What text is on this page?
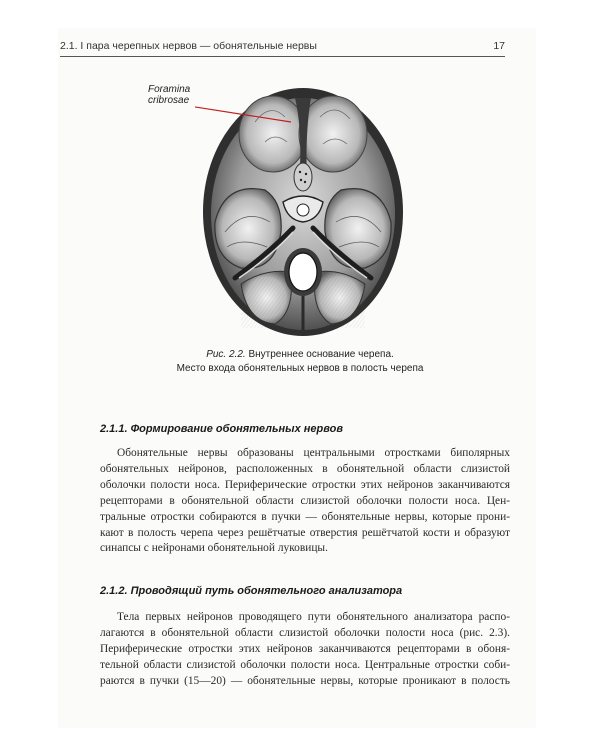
2.1. I пара черепных нервов — обонятельные нервы	17
Foramina
cribrosae
Рис. 2.2. Внутреннее основание черепа.
Место входа обонятельных нервов в полость черепа
2.1.1. Формирование обонятельных нервов
Обонятельные нервы образованы центральными отростками биполярных
обонятельных нейронов, расположенных в обонятельной области слизистой
оболочки полости носа. Периферические отростки этих нейронов заканчиваются
рецепторами в обонятельной области слизистой оболочки полости носа. Цен-
тральные отростки собираются в пучки — обонятельные нервы, которые прони-
кают в полость черепа через решётчатые отверстия решётчатой кости и образуют
синапсы с нейронами обонятельной луковицы.
2.1.2. Проводящий путь обонятельного анализатора
Тела первых нейронов проводящего пути обонятельного анализатора распо-
лагаются в обонятельной области слизистой оболочки полости носа (рис. 2.3).
Периферические отростки этих нейронов заканчиваются рецепторами в обоня-
тельной области слизистой оболочки полости носа. Центральные отростки соби-
раются в пучки (15—20) — обонятельные нервы, которые проникают в полость
